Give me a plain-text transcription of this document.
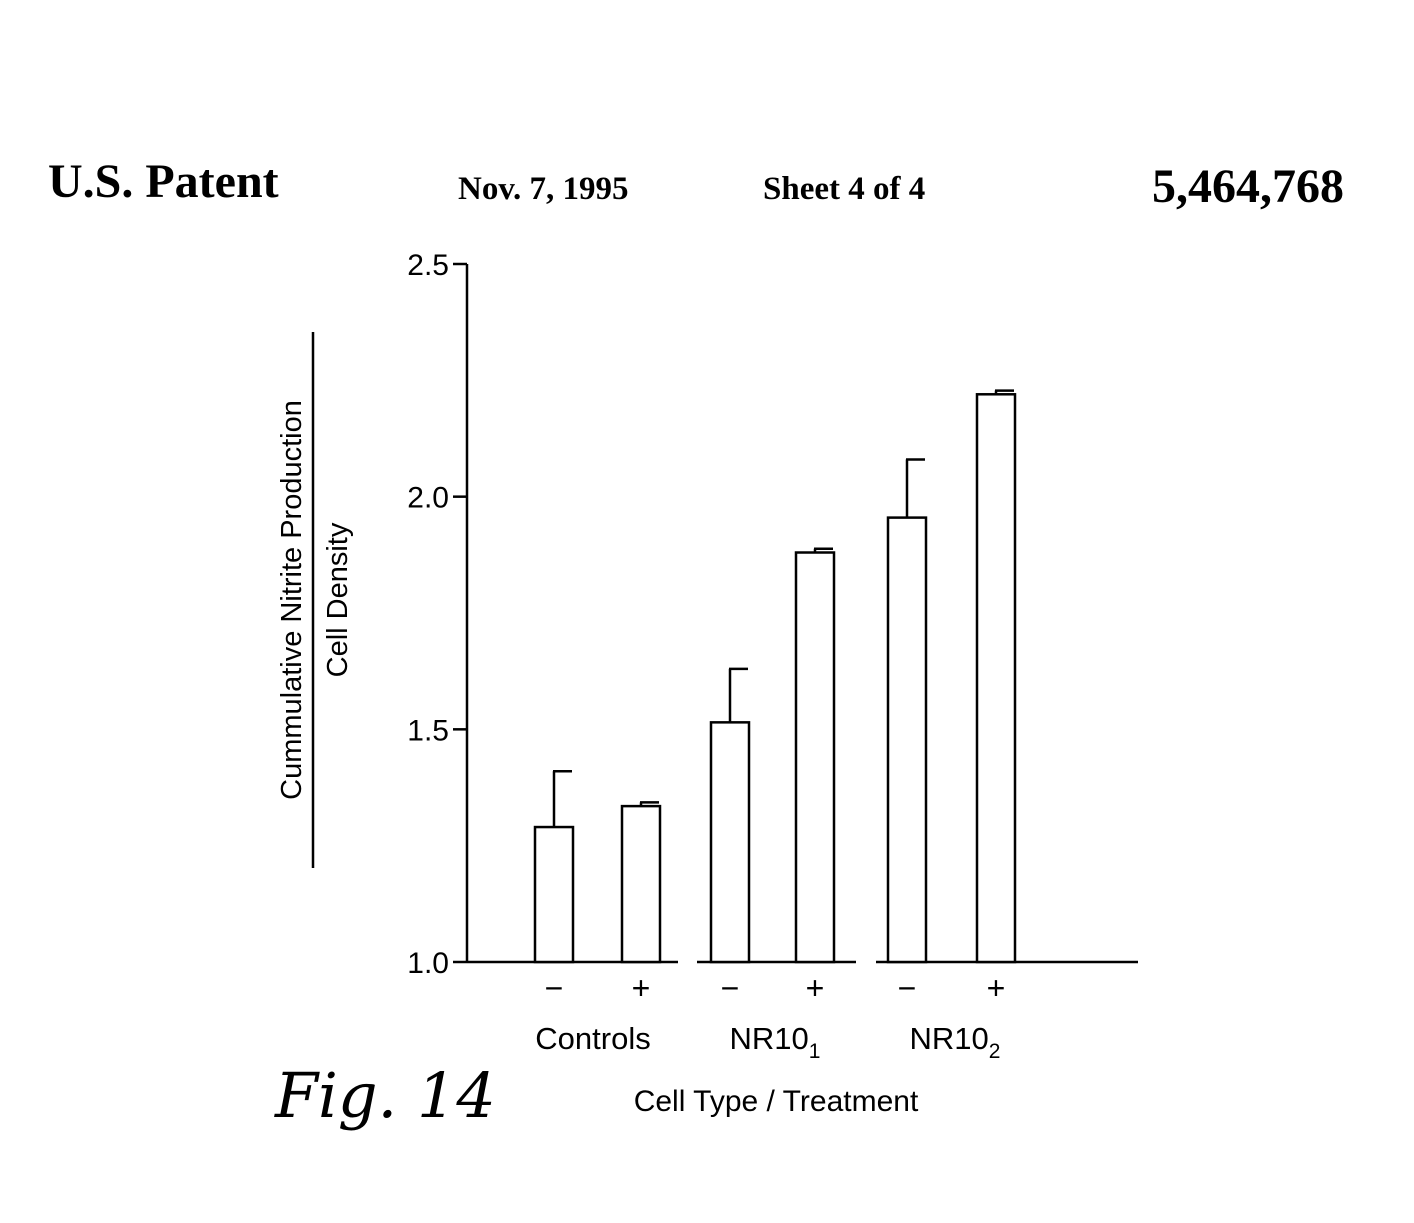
U.S. Patent	Nov. 7, 1995	Sheet 4 of 4	5,464,768
Cummulative Nitrite Production Cell Density
1.0
1.5
2.0
2.5
− + − + − +
Controls	$NR10_1$	$NR10_2$
Cell Type / Treatment
Fig. 14
